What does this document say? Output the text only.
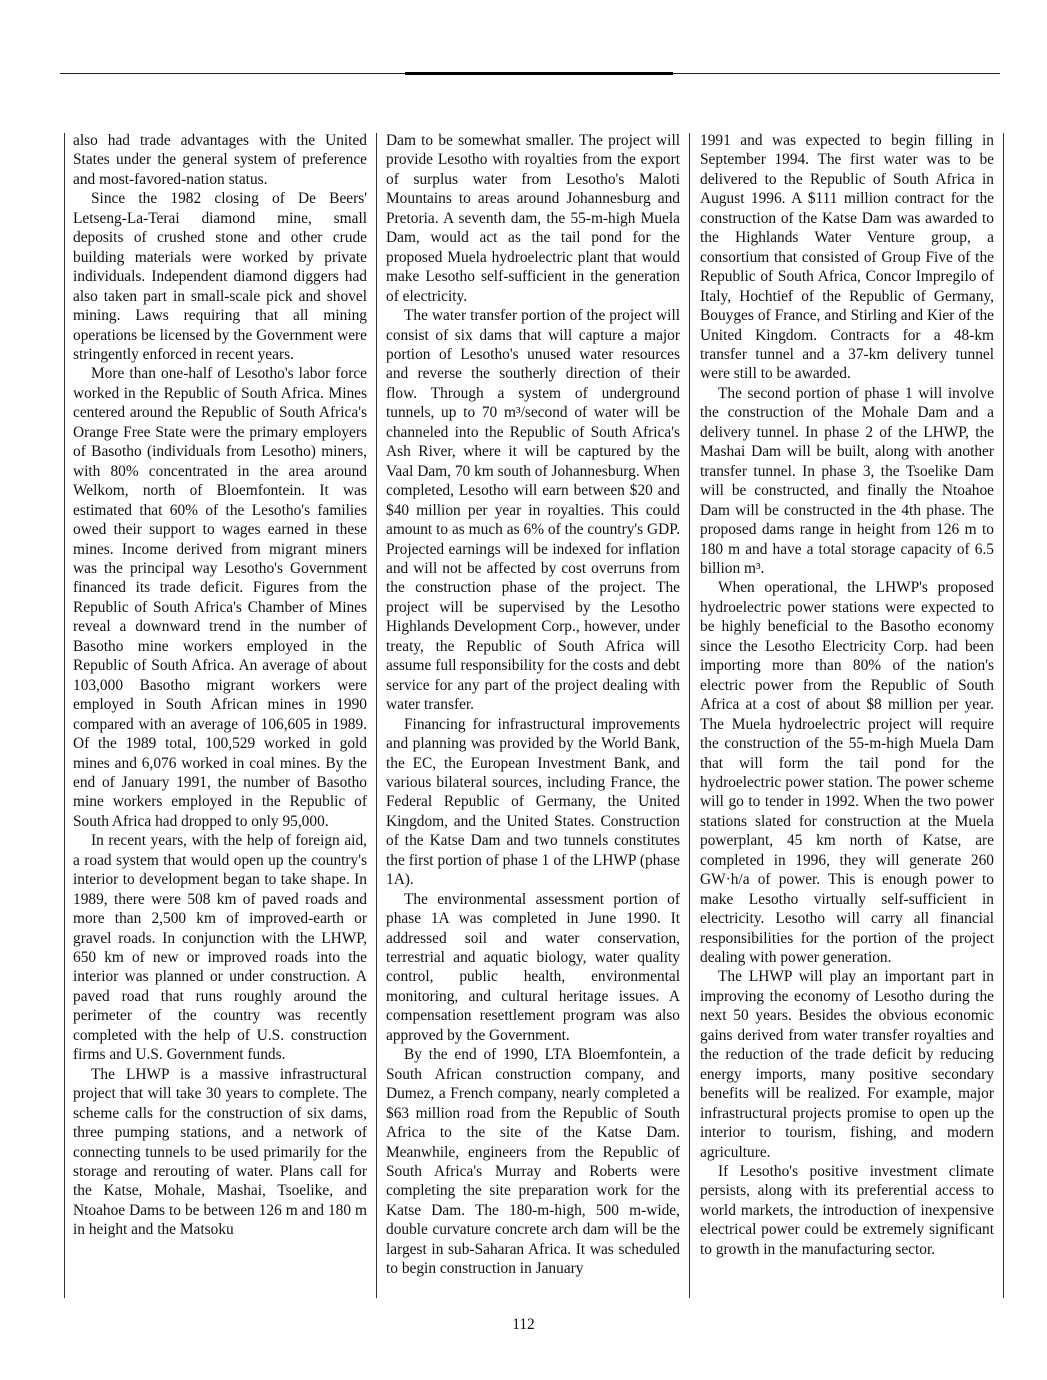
also had trade advantages with the United States under the general system of preference and most-favored-nation status.

Since the 1982 closing of De Beers' Letseng-La-Terai diamond mine, small deposits of crushed stone and other crude building materials were worked by private individuals. Independent diamond diggers had also taken part in small-scale pick and shovel mining. Laws requiring that all mining operations be licensed by the Government were stringently enforced in recent years.

More than one-half of Lesotho's labor force worked in the Republic of South Africa. Mines centered around the Republic of South Africa's Orange Free State were the primary employers of Basotho (individuals from Lesotho) miners, with 80% concentrated in the area around Welkom, north of Bloemfontein. It was estimated that 60% of the Lesotho's families owed their support to wages earned in these mines. Income derived from migrant miners was the principal way Lesotho's Government financed its trade deficit. Figures from the Republic of South Africa's Chamber of Mines reveal a downward trend in the number of Basotho mine workers employed in the Republic of South Africa. An average of about 103,000 Basotho migrant workers were employed in South African mines in 1990 compared with an average of 106,605 in 1989. Of the 1989 total, 100,529 worked in gold mines and 6,076 worked in coal mines. By the end of January 1991, the number of Basotho mine workers employed in the Republic of South Africa had dropped to only 95,000.

In recent years, with the help of foreign aid, a road system that would open up the country's interior to development began to take shape. In 1989, there were 508 km of paved roads and more than 2,500 km of improved-earth or gravel roads. In conjunction with the LHWP, 650 km of new or improved roads into the interior was planned or under construction. A paved road that runs roughly around the perimeter of the country was recently completed with the help of U.S. construction firms and U.S. Government funds.

The LHWP is a massive infrastructural project that will take 30 years to complete. The scheme calls for the construction of six dams, three pumping stations, and a network of connecting tunnels to be used primarily for the storage and rerouting of water. Plans call for the Katse, Mohale, Mashai, Tsoelike, and Ntoahoe Dams to be between 126 m and 180 m in height and the Matsoku

Dam to be somewhat smaller. The project will provide Lesotho with royalties from the export of surplus water from Lesotho's Maloti Mountains to areas around Johannesburg and Pretoria. A seventh dam, the 55-m-high Muela Dam, would act as the tail pond for the proposed Muela hydroelectric plant that would make Lesotho self-sufficient in the generation of electricity.

The water transfer portion of the project will consist of six dams that will capture a major portion of Lesotho's unused water resources and reverse the southerly direction of their flow. Through a system of underground tunnels, up to 70 m³/second of water will be channeled into the Republic of South Africa's Ash River, where it will be captured by the Vaal Dam, 70 km south of Johannesburg. When completed, Lesotho will earn between $20 and $40 million per year in royalties. This could amount to as much as 6% of the country's GDP. Projected earnings will be indexed for inflation and will not be affected by cost overruns from the construction phase of the project. The project will be supervised by the Lesotho Highlands Development Corp., however, under treaty, the Republic of South Africa will assume full responsibility for the costs and debt service for any part of the project dealing with water transfer.

Financing for infrastructural improvements and planning was provided by the World Bank, the EC, the European Investment Bank, and various bilateral sources, including France, the Federal Republic of Germany, the United Kingdom, and the United States. Construction of the Katse Dam and two tunnels constitutes the first portion of phase 1 of the LHWP (phase 1A).

The environmental assessment portion of phase 1A was completed in June 1990. It addressed soil and water conservation, terrestrial and aquatic biology, water quality control, public health, environmental monitoring, and cultural heritage issues. A compensation resettlement program was also approved by the Government.

By the end of 1990, LTA Bloemfontein, a South African construction company, and Dumez, a French company, nearly completed a $63 million road from the Republic of South Africa to the site of the Katse Dam. Meanwhile, engineers from the Republic of South Africa's Murray and Roberts were completing the site preparation work for the Katse Dam. The 180-m-high, 500 m-wide, double curvature concrete arch dam will be the largest in sub-Saharan Africa. It was scheduled to begin construction in January

1991 and was expected to begin filling in September 1994. The first water was to be delivered to the Republic of South Africa in August 1996. A $111 million contract for the construction of the Katse Dam was awarded to the Highlands Water Venture group, a consortium that consisted of Group Five of the Republic of South Africa, Concor Impregilo of Italy, Hochtief of the Republic of Germany, Bouyges of France, and Stirling and Kier of the United Kingdom. Contracts for a 48-km transfer tunnel and a 37-km delivery tunnel were still to be awarded.

The second portion of phase 1 will involve the construction of the Mohale Dam and a delivery tunnel. In phase 2 of the LHWP, the Mashai Dam will be built, along with another transfer tunnel. In phase 3, the Tsoelike Dam will be constructed, and finally the Ntoahoe Dam will be constructed in the 4th phase. The proposed dams range in height from 126 m to 180 m and have a total storage capacity of 6.5 billion m³.

When operational, the LHWP's proposed hydroelectric power stations were expected to be highly beneficial to the Basotho economy since the Lesotho Electricity Corp. had been importing more than 80% of the nation's electric power from the Republic of South Africa at a cost of about $8 million per year. The Muela hydroelectric project will require the construction of the 55-m-high Muela Dam that will form the tail pond for the hydroelectric power station. The power scheme will go to tender in 1992. When the two power stations slated for construction at the Muela powerplant, 45 km north of Katse, are completed in 1996, they will generate 260 GW·h/a of power. This is enough power to make Lesotho virtually self-sufficient in electricity. Lesotho will carry all financial responsibilities for the portion of the project dealing with power generation.

The LHWP will play an important part in improving the economy of Lesotho during the next 50 years. Besides the obvious economic gains derived from water transfer royalties and the reduction of the trade deficit by reducing energy imports, many positive secondary benefits will be realized. For example, major infrastructural projects promise to open up the interior to tourism, fishing, and modern agriculture.

If Lesotho's positive investment climate persists, along with its preferential access to world markets, the introduction of inexpensive electrical power could be extremely significant to growth in the manufacturing sector.

112
